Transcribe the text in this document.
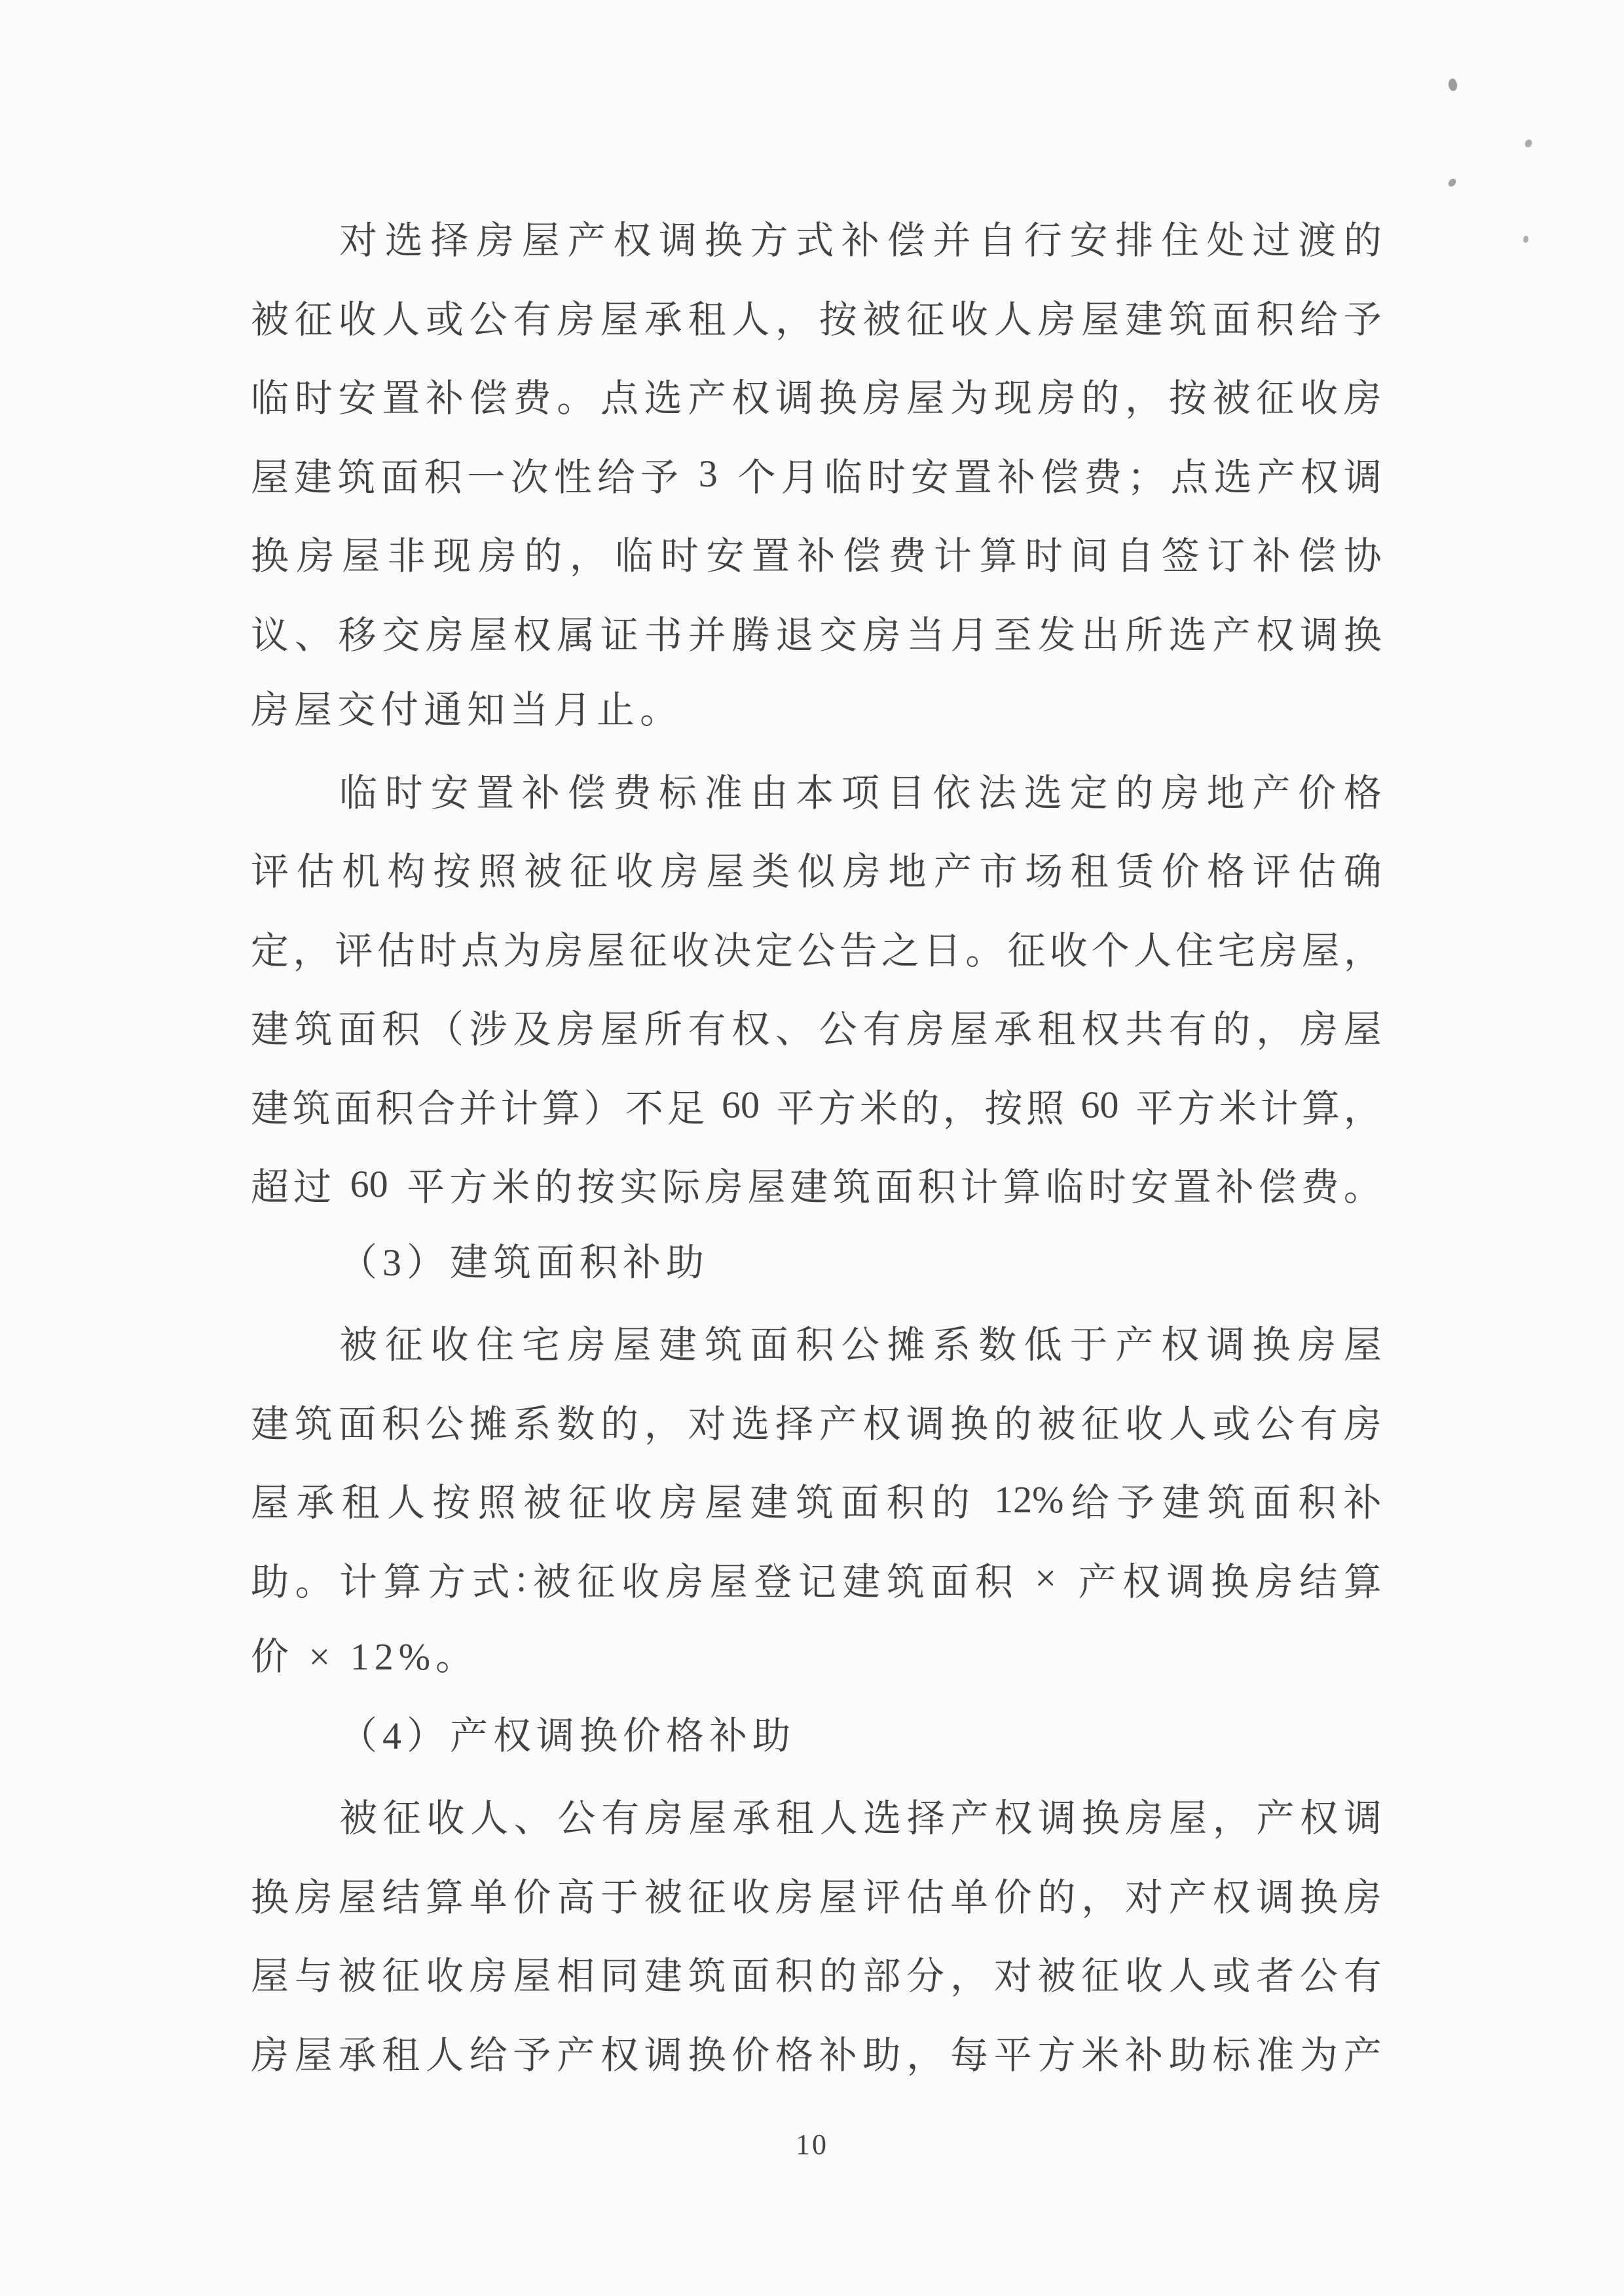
对 选 择 房 屋 产 权 调 换 方 式 补 偿 并 自 行 安 排 住 处 过 渡 的
被 征 收 人 或 公 有 房 屋 承 租 人 ， 按 被 征 收 人 房 屋 建 筑 面 积 给 予
临 时 安 置 补 偿 费 。 点 选 产 权 调 换 房 屋 为 现 房 的 ， 按 被 征 收 房
屋 建 筑 面 积 一 次 性 给 予
3
个 月 临 时 安 置 补 偿 费 ； 点 选 产 权 调
换 房 屋 非 现 房 的 ， 临 时 安 置 补 偿 费 计 算 时 间 自 签 订 补 偿 协
议 、 移 交 房 屋 权 属 证 书 并 腾 退 交 房 当 月 至 发 出 所 选 产 权 调 换
房屋交付通知当月止。
临 时 安 置 补 偿 费 标 准 由 本 项 目 依 法 选 定 的 房 地 产 价 格
评 估 机 构 按 照 被 征 收 房 屋 类 似 房 地 产 市 场 租 赁 价 格 评 估 确
定 ， 评 估 时 点 为 房 屋 征 收 决 定 公 告 之 日 。 征 收 个 人 住 宅 房 屋 ，
建 筑 面 积 （ 涉 及 房 屋 所 有 权 、 公 有 房 屋 承 租 权 共 有 的 ， 房 屋
建 筑 面 积 合 并 计 算 ） 不 足
60
平 方 米 的 ， 按 照
60
平 方 米 计 算 ，
超 过
60
平 方 米 的 按 实 际 房 屋 建 筑 面 积 计 算 临 时 安 置 补 偿 费 。
（3）建筑面积补助
被 征 收 住 宅 房 屋 建 筑 面 积 公 摊 系 数 低 于 产 权 调 换 房 屋
建 筑 面 积 公 摊 系 数 的 ， 对 选 择 产 权 调 换 的 被 征 收 人 或 公 有 房
屋 承 租 人 按 照 被 征 收 房 屋 建 筑 面 积 的
12% 给 予 建 筑 面 积 补
助 。 计 算 方 式 : 被 征 收 房 屋 登 记 建 筑 面 积
×
产 权 调 换 房 结 算
价 × 12%。
（4）产权调换价格补助
被 征 收 人 、 公 有 房 屋 承 租 人 选 择 产 权 调 换 房 屋 ， 产 权 调
换 房 屋 结 算 单 价 高 于 被 征 收 房 屋 评 估 单 价 的 ， 对 产 权 调 换 房
屋 与 被 征 收 房 屋 相 同 建 筑 面 积 的 部 分 ， 对 被 征 收 人 或 者 公 有
房 屋 承 租 人 给 予 产 权 调 换 价 格 补 助 ， 每 平 方 米 补 助 标 准 为 产
10
